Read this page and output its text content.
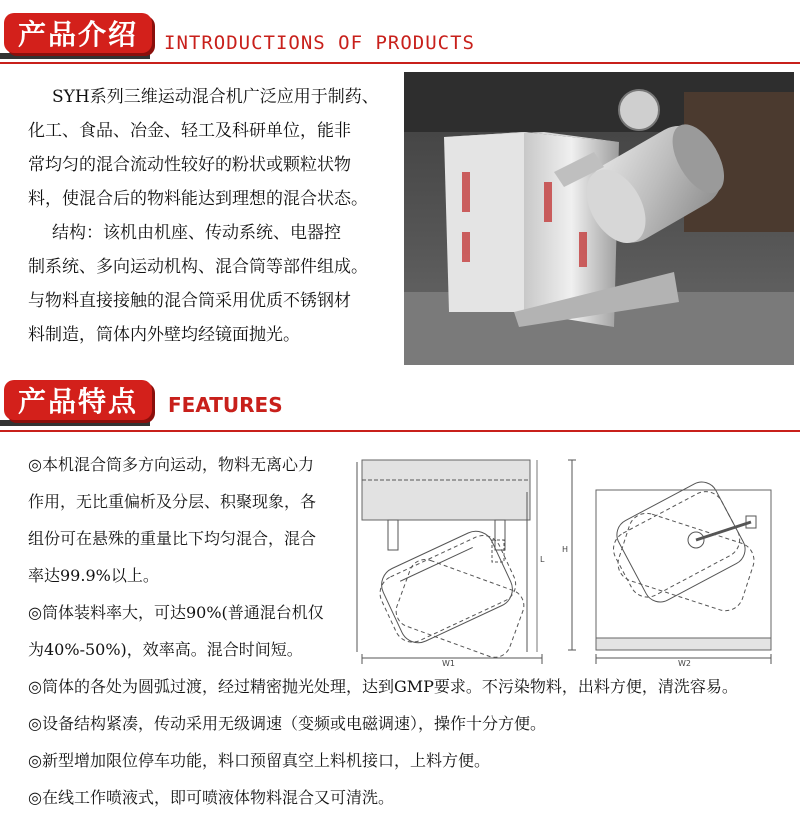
产品介绍	INTRODUCTIONS OF PRODUCTS

SYH系列三维运动混合机广泛应用于制药、

化工、食品、冶金、轻工及科研单位，能非

常均匀的混合流动性较好的粉状或颗粒状物

料，使混合后的物料能达到理想的混合状态。

结构：该机由机座、传动系统、电器控

制系统、多向运动机构、混合筒等部件组成。

与物料直接接触的混合筒采用优质不锈钢材

料制造，筒体内外壁均经镜面抛光。

产品特点	FEATURES
◎本机混合筒多方向运动，物料无离心力
作用，无比重偏析及分层、积聚现象，各
组份可在悬殊的重量比下均匀混合，混合
率达99.9%以上。
◎筒体装料率大，可达90%(普通混台机仅
为40%-50%)，效率高。混合时间短。
◎筒体的各处为圆弧过渡，经过精密抛光处理，达到GMP要求。不污染物料，出料方便，清洗容易。
◎设备结构紧凑，传动采用无级调速（变频或电磁调速），操作十分方便。
◎新型增加限位停车功能，料口预留真空上料机接口，上料方便。
◎在线工作喷液式，即可喷液体物料混合又可清洗。
L
W1
H
W2
